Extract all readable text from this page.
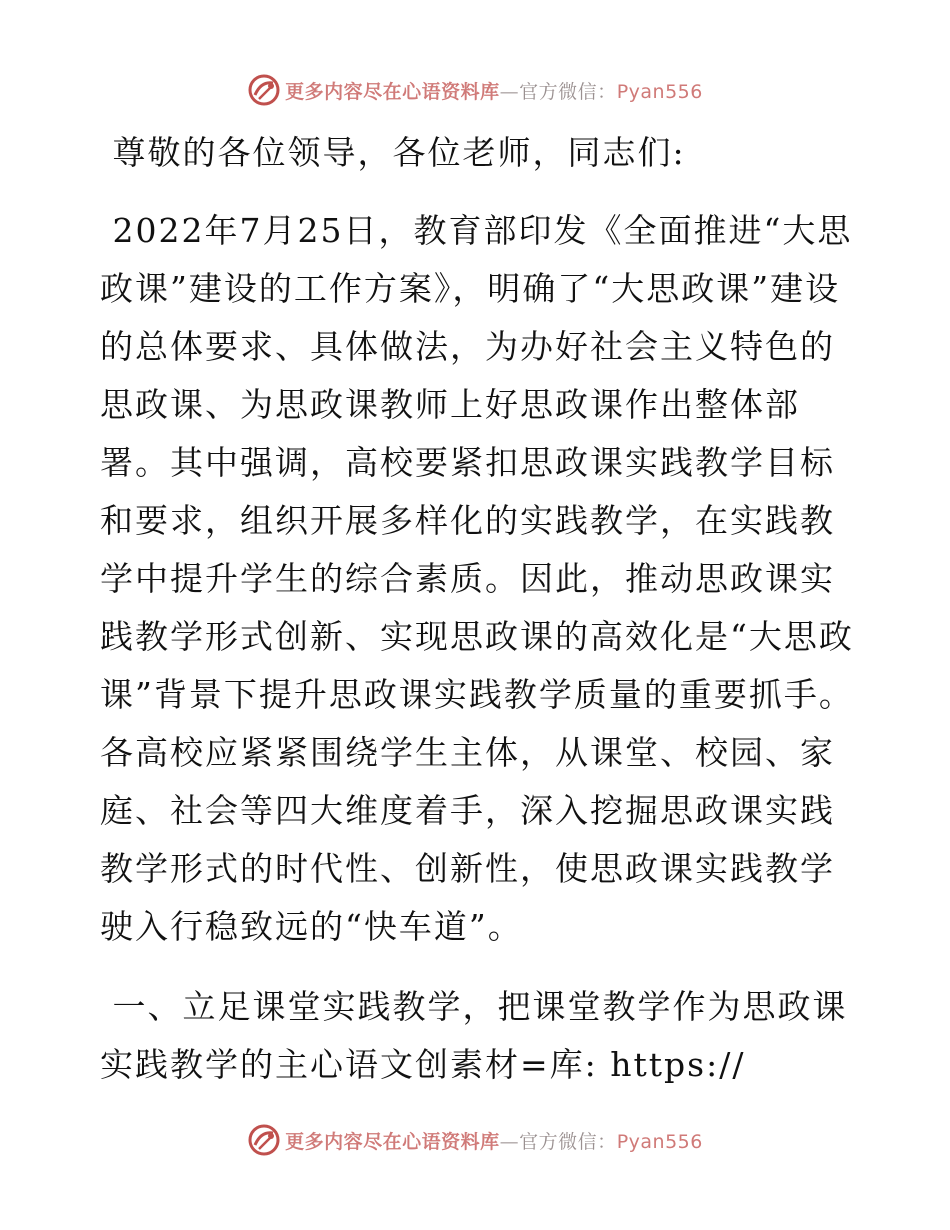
更多内容尽在心语资料库—官方微信：Pyan556

尊敬的各位领导，各位老师，同志们:

2022年7月25日，教育部印发《全面推进“大思政课”建设的工作方案》，明确了“大思政课”建设的总体要求、具体做法，为办好社会主义特色的思政课、为思政课教师上好思政课作出整体部署。其中强调，高校要紧扣思政课实践教学目标和要求，组织开展多样化的实践教学，在实践教学中提升学生的综合素质。因此，推动思政课实践教学形式创新、实现思政课的高效化是“大思政课”背景下提升思政课实践教学质量的重要抓手。各高校应紧紧围绕学生主体，从课堂、校园、家庭、社会等四大维度着手，深入挖掘思政课实践教学形式的时代性、创新性，使思政课实践教学驶入行稳致远的“快车道”。

一、立足课堂实践教学，把课堂教学作为思政课实践教学的主心语文创素材=库: https://

更多内容尽在心语资料库—官方微信：Pyan556
